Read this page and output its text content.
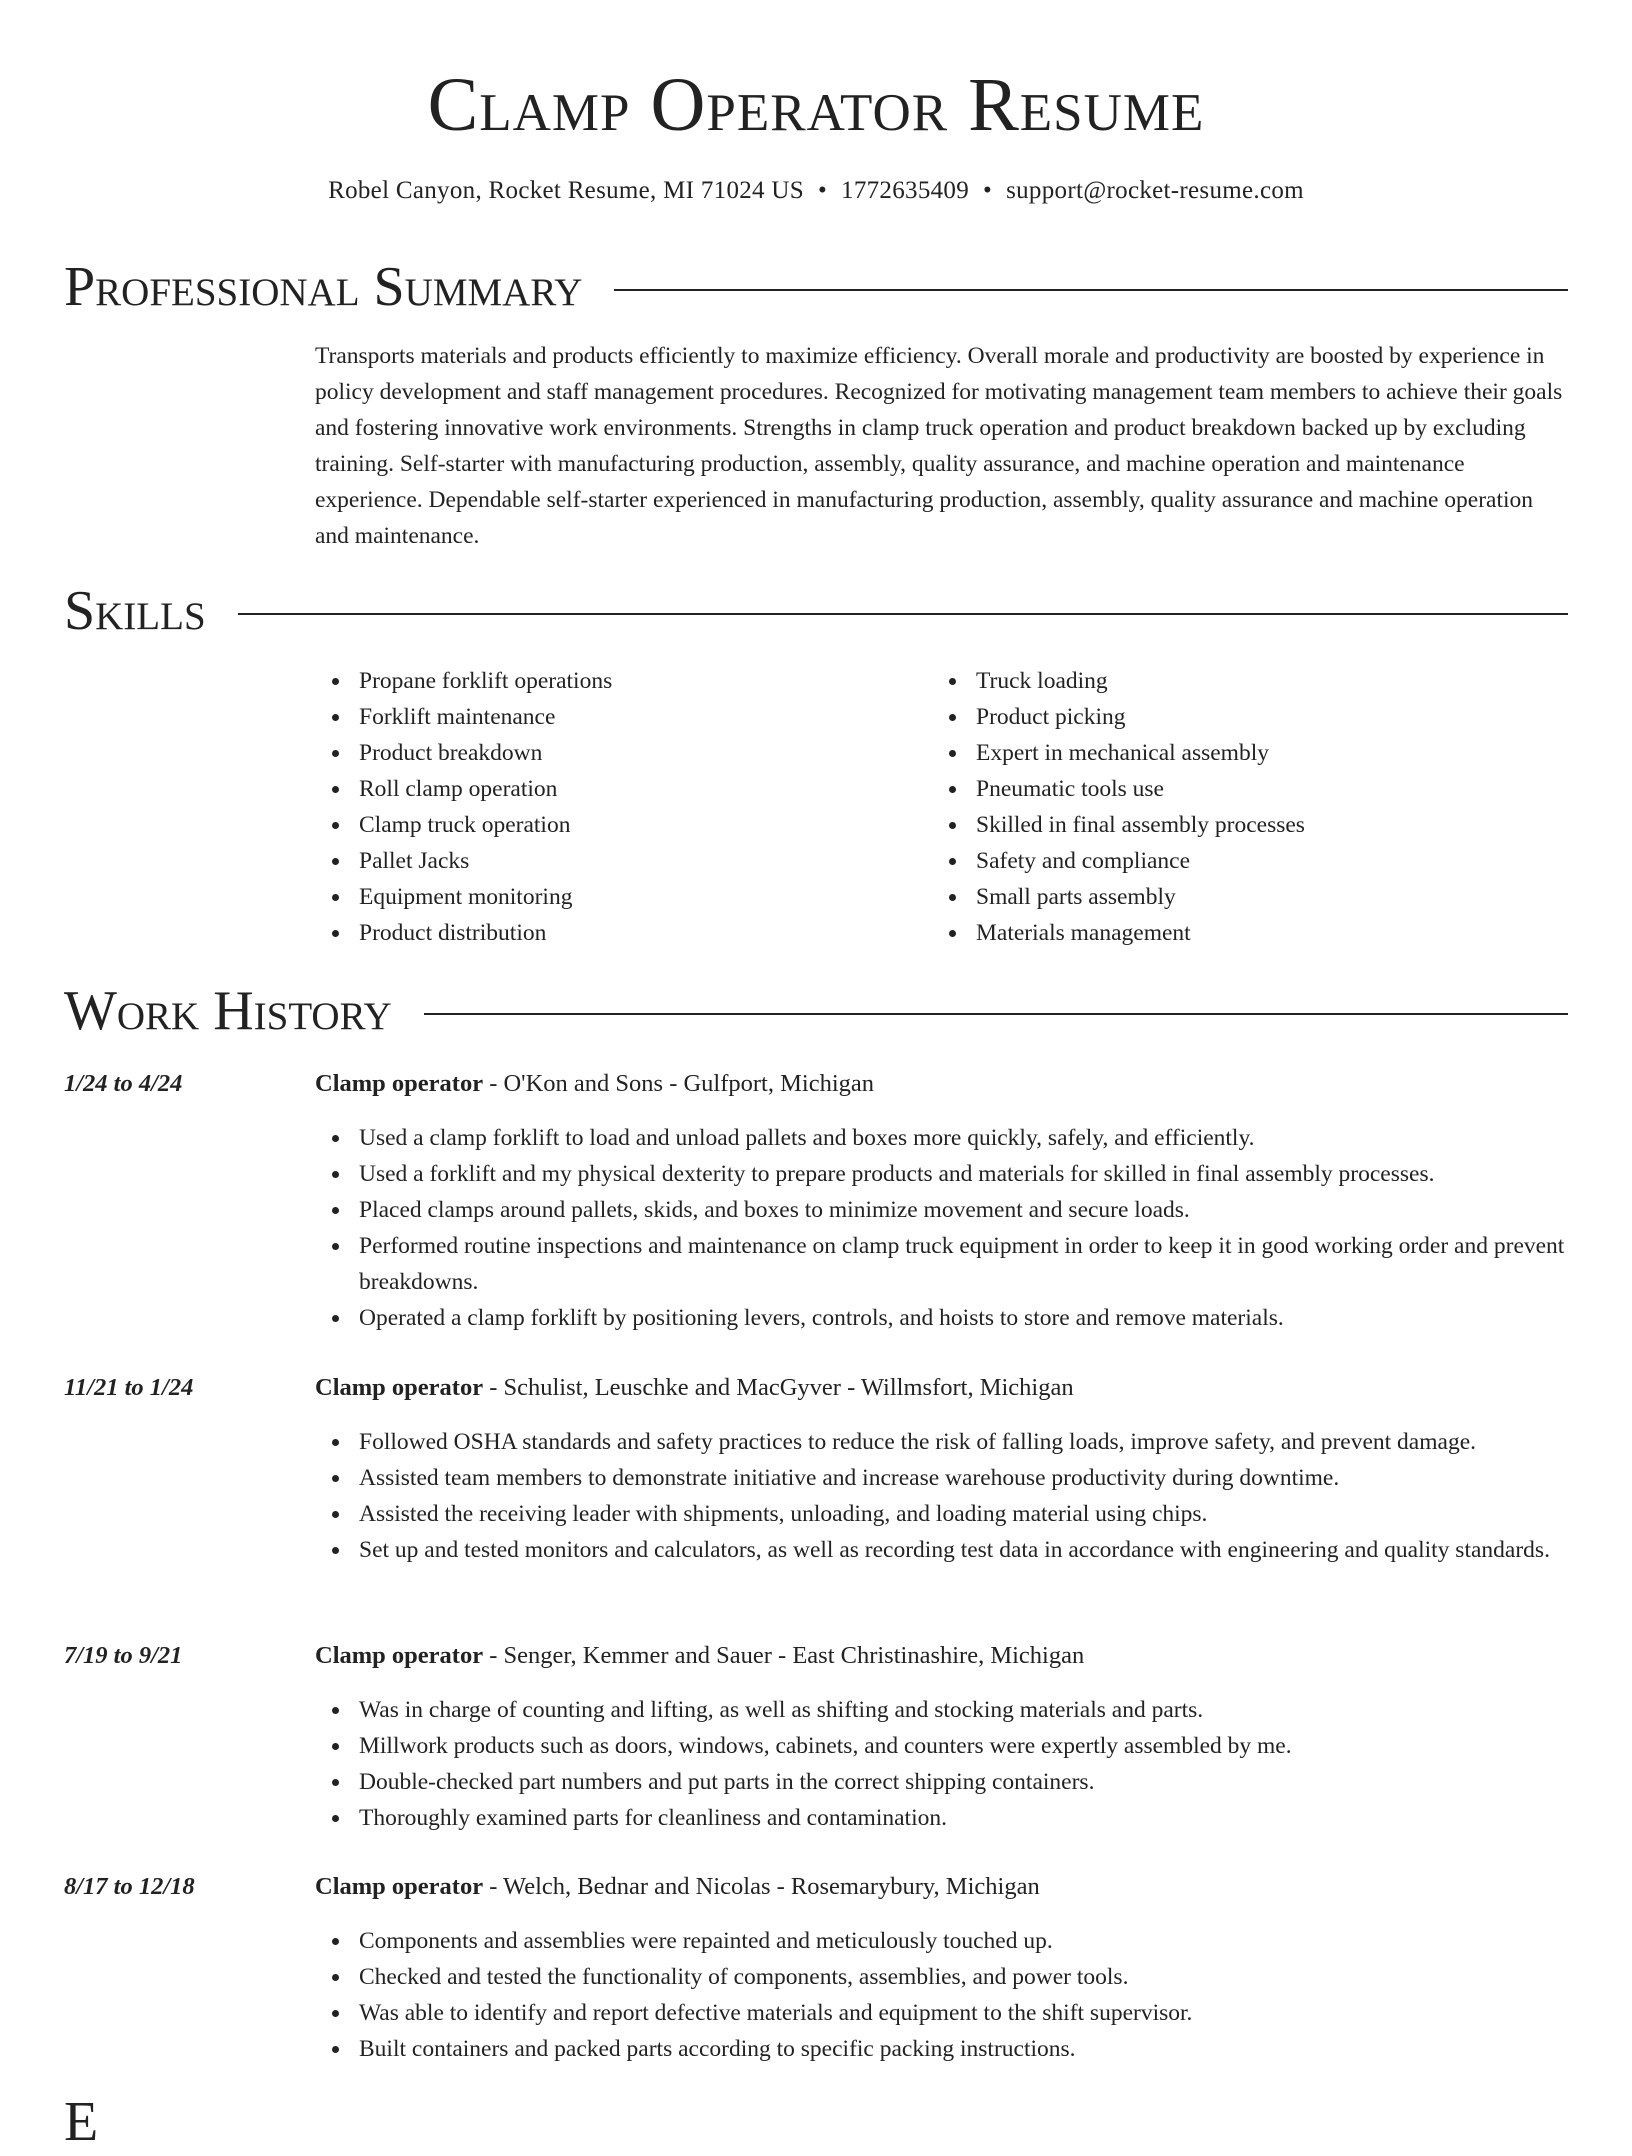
Clamp Operator Resume
Robel Canyon, Rocket Resume, MI 71024 US • 1772635409 • support@rocket-resume.com
Professional Summary

Transports materials and products efficiently to maximize efficiency. Overall morale and productivity are boosted by experience in policy development and staff management procedures. Recognized for motivating management team members to achieve their goals and fostering innovative work environments. Strengths in clamp truck operation and product breakdown backed up by excluding training. Self-starter with manufacturing production, assembly, quality assurance, and machine operation and maintenance experience. Dependable self-starter experienced in manufacturing production, assembly, quality assurance and machine operation and maintenance.

Skills
Propane forklift operations
Forklift maintenance
Product breakdown
Roll clamp operation
Clamp truck operation
Pallet Jacks
Equipment monitoring
Product distribution
Truck loading
Product picking
Expert in mechanical assembly
Pneumatic tools use
Skilled in final assembly processes
Safety and compliance
Small parts assembly
Materials management
Work History
1/24 to 4/24	Clamp operator - O'Kon and Sons - Gulfport, Michigan
Used a clamp forklift to load and unload pallets and boxes more quickly, safely, and efficiently.
Used a forklift and my physical dexterity to prepare products and materials for skilled in final assembly processes.
Placed clamps around pallets, skids, and boxes to minimize movement and secure loads.
Performed routine inspections and maintenance on clamp truck equipment in order to keep it in good working order and prevent breakdowns.
Operated a clamp forklift by positioning levers, controls, and hoists to store and remove materials.
11/21 to 1/24	Clamp operator - Schulist, Leuschke and MacGyver - Willmsfort, Michigan
Followed OSHA standards and safety practices to reduce the risk of falling loads, improve safety, and prevent damage.
Assisted team members to demonstrate initiative and increase warehouse productivity during downtime.
Assisted the receiving leader with shipments, unloading, and loading material using chips.
Set up and tested monitors and calculators, as well as recording test data in accordance with engineering and quality standards.
7/19 to 9/21	Clamp operator - Senger, Kemmer and Sauer - East Christinashire, Michigan
Was in charge of counting and lifting, as well as shifting and stocking materials and parts.
Millwork products such as doors, windows, cabinets, and counters were expertly assembled by me.
Double-checked part numbers and put parts in the correct shipping containers.
Thoroughly examined parts for cleanliness and contamination.
8/17 to 12/18	Clamp operator - Welch, Bednar and Nicolas - Rosemarybury, Michigan
Components and assemblies were repainted and meticulously touched up.
Checked and tested the functionality of components, assemblies, and power tools.
Was able to identify and report defective materials and equipment to the shift supervisor.
Built containers and packed parts according to specific packing instructions.
E
